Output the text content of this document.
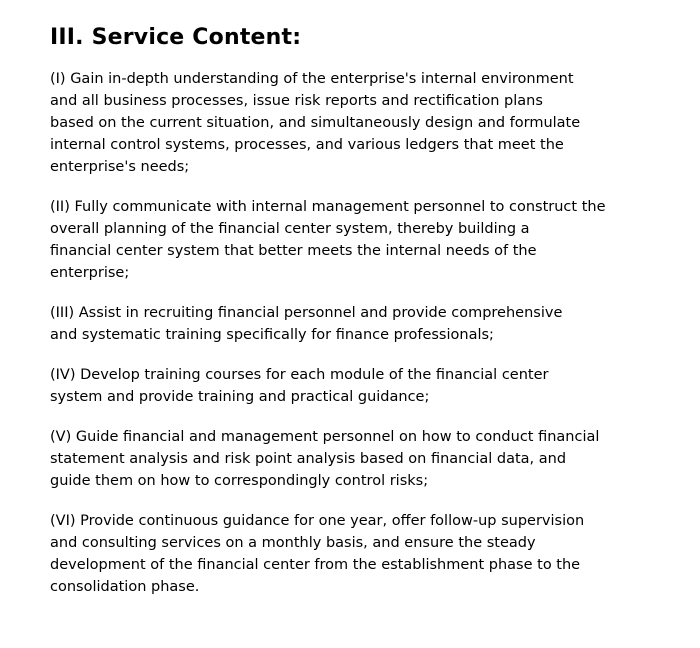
III. Service Content:

(I) Gain in-depth understanding of the enterprise's internal environment
and all business processes, issue risk reports and rectification plans
based on the current situation, and simultaneously design and formulate
internal control systems, processes, and various ledgers that meet the
enterprise's needs;

(II) Fully communicate with internal management personnel to construct the
overall planning of the financial center system, thereby building a
financial center system that better meets the internal needs of the
enterprise;

(III) Assist in recruiting financial personnel and provide comprehensive
and systematic training specifically for finance professionals;

(IV) Develop training courses for each module of the financial center
system and provide training and practical guidance;

(V) Guide financial and management personnel on how to conduct financial
statement analysis and risk point analysis based on financial data, and
guide them on how to correspondingly control risks;

(VI) Provide continuous guidance for one year, offer follow-up supervision
and consulting services on a monthly basis, and ensure the steady
development of the financial center from the establishment phase to the
consolidation phase.
